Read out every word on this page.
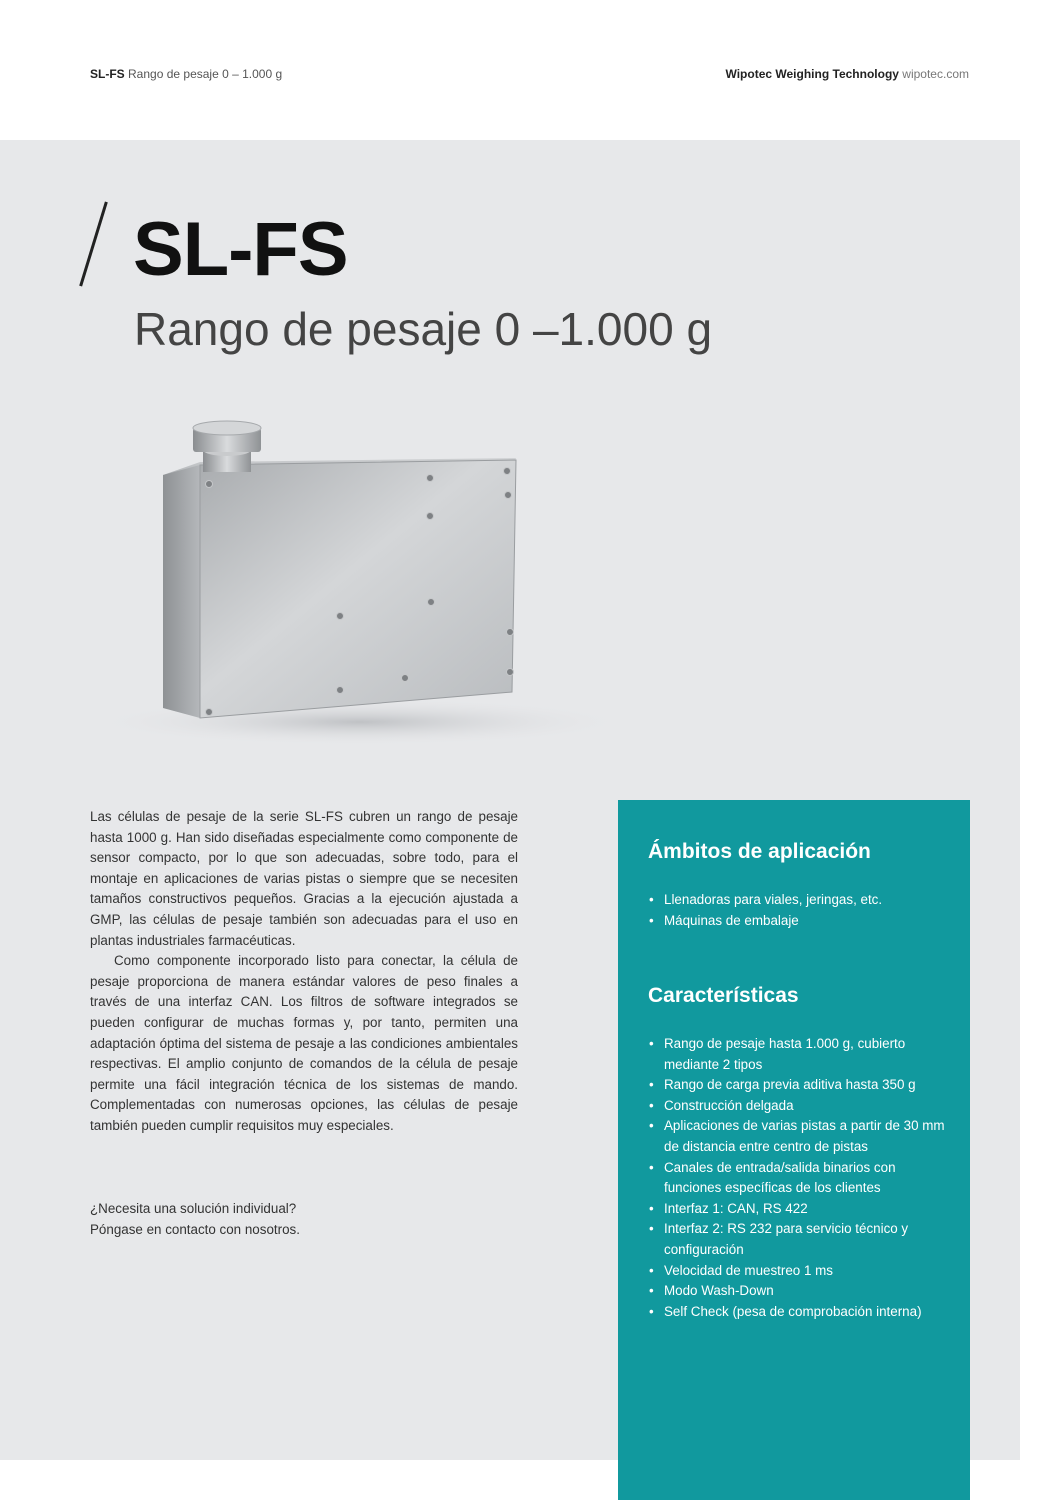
SL-FS Rango de pesaje 0 – 1.000 g	Wipotec Weighing Technology wipotec.com
SL-FS
Rango de pesaje 0 –1.000 g

Las células de pesaje de la serie SL-FS cubren un rango de pesaje hasta 1000 g. Han sido diseñadas especialmente como componente de sensor compacto, por lo que son adecuadas, sobre todo, para el montaje en aplicaciones de varias pistas o siempre que se necesiten tamaños constructivos pequeños. Gracias a la ejecución ajustada a GMP, las células de pesaje también son adecuadas para el uso en plantas industriales farmacéuticas.

Como componente incorporado listo para conectar, la célula de pesaje proporciona de manera estándar valores de peso finales a través de una interfaz CAN. Los filtros de software integrados se pueden configurar de muchas formas y, por tanto, permiten una adaptación óptima del sistema de pesaje a las condiciones ambientales respectivas. El amplio conjunto de comandos de la célula de pesaje permite una fácil integración técnica de los sistemas de mando. Complementadas con numerosas opciones, las células de pesaje también pueden cumplir requisitos muy especiales.

¿Necesita una solución individual?

Póngase en contacto con nosotros.

Ámbitos de aplicación
• Llenadoras para viales, jeringas, etc.
• Máquinas de embalaje
Características
• Rango de pesaje hasta 1.000 g, cubierto mediante 2 tipos
• Rango de carga previa aditiva hasta 350 g
• Construcción delgada
• Aplicaciones de varias pistas a partir de 30 mm de distancia entre centro de pistas
• Canales de entrada/salida binarios con funciones específicas de los clientes
• Interfaz 1: CAN, RS 422
• Interfaz 2: RS 232 para servicio técnico y configuración
• Velocidad de muestreo 1 ms
• Modo Wash-Down
• Self Check (pesa de comprobación interna)
